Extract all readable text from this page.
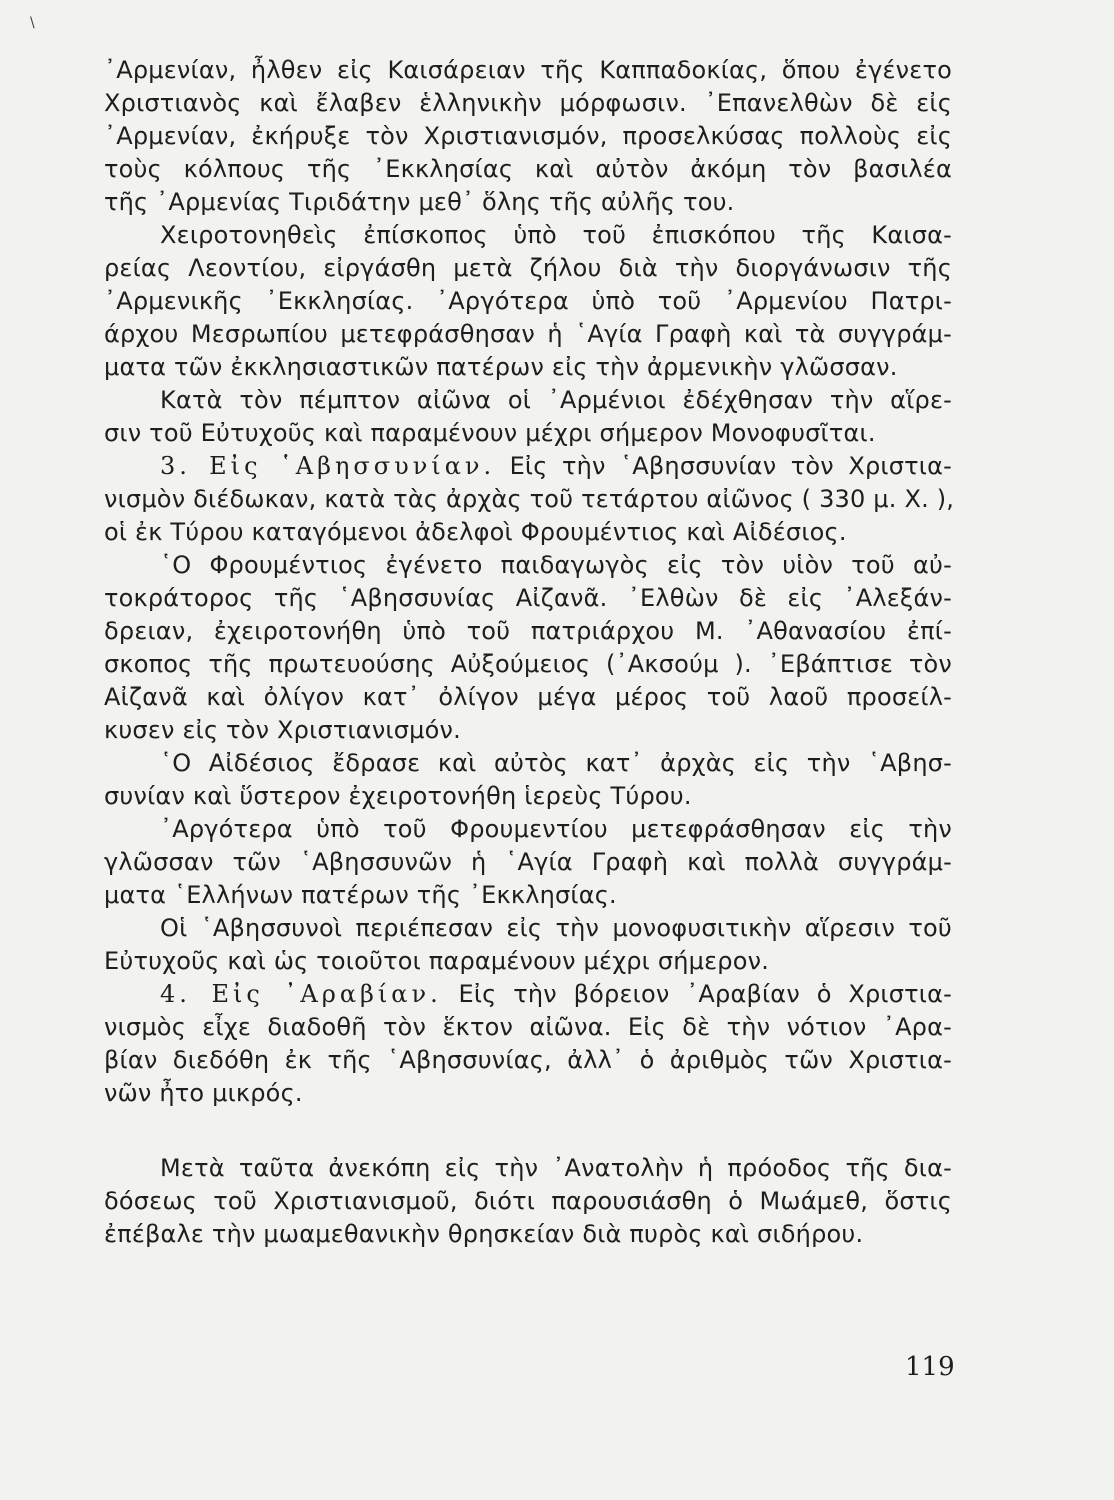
\

᾿Αρμενίαν, ἦλθεν εἰς Καισάρειαν τῆς Καππαδοκίας, ὅπου ἐγένετο
Χριστιανὸς καὶ ἔλαβεν ἑλληνικὴν μόρφωσιν. ᾿Επανελθὼν δὲ εἰς
᾿Αρμενίαν, ἐκήρυξε τὸν Χριστιανισμόν, προσελκύσας πολλοὺς εἰς
τοὺς κόλπους τῆς ᾿Εκκλησίας καὶ αὐτὸν ἀκόμη τὸν βασιλέα
τῆς ᾿Αρμενίας Τιριδάτην μεθ᾿ ὅλης τῆς αὐλῆς του.

Χειροτονηθεὶς ἐπίσκοπος ὑπὸ τοῦ ἐπισκόπου τῆς Καισα-
ρείας Λεοντίου, εἰργάσθη μετὰ ζήλου διὰ τὴν διοργάνωσιν τῆς
᾿Αρμενικῆς ᾿Εκκλησίας. ᾿Αργότερα ὑπὸ τοῦ ᾿Αρμενίου Πατρι-
άρχου Μεσρωπίου μετεφράσθησαν ἡ ῾Αγία Γραφὴ καὶ τὰ συγγράμ-
ματα τῶν ἐκκλησιαστικῶν πατέρων εἰς τὴν ἀρμενικὴν γλῶσσαν.

Κατὰ τὸν πέμπτον αἰῶνα οἱ ᾿Αρμένιοι ἐδέχθησαν τὴν αἵρε-
σιν τοῦ Εὐτυχοῦς καὶ παραμένουν μέχρι σήμερον Μονοφυσῖται.

3. Εἰς ῾Αβησσυνίαν. Εἰς τὴν ῾Αβησσυνίαν τὸν Χριστια-
νισμὸν διέδωκαν, κατὰ τὰς ἀρχὰς τοῦ τετάρτου αἰῶνος ( 330 μ. Χ. ),
οἱ ἐκ Τύρου καταγόμενοι ἀδελφοὶ Φρουμέντιος καὶ Αἰδέσιος.

῾Ο Φρουμέντιος ἐγένετο παιδαγωγὸς εἰς τὸν υἱὸν τοῦ αὐ-
τοκράτορος τῆς ῾Αβησσυνίας Αἰζανᾶ. ᾿Ελθὼν δὲ εἰς ᾿Αλεξάν-
δρειαν, ἐχειροτονήθη ὑπὸ τοῦ πατριάρχου Μ. ᾿Αθανασίου ἐπί-
σκοπος τῆς πρωτευούσης Αὐξούμειος (᾿Ακσούμ ). ᾿Εβάπτισε τὸν
Αἰζανᾶ καὶ ὀλίγον κατ᾿ ὀλίγον μέγα μέρος τοῦ λαοῦ προσείλ-
κυσεν εἰς τὸν Χριστιανισμόν.

῾Ο Αἰδέσιος ἔδρασε καὶ αὐτὸς κατ᾿ ἀρχὰς εἰς τὴν ῾Αβησ-
συνίαν καὶ ὕστερον ἐχειροτονήθη ἱερεὺς Τύρου.

᾿Αργότερα ὑπὸ τοῦ Φρουμεντίου μετεφράσθησαν εἰς τὴν
γλῶσσαν τῶν ῾Αβησσυνῶν ἡ ῾Αγία Γραφὴ καὶ πολλὰ συγγράμ-
ματα ῾Ελλήνων πατέρων τῆς ᾿Εκκλησίας.

Οἱ ῾Αβησσυνοὶ περιέπεσαν εἰς τὴν μονοφυσιτικὴν αἵρεσιν τοῦ
Εὐτυχοῦς καὶ ὡς τοιοῦτοι παραμένουν μέχρι σήμερον.

4. Εἰς ᾿Αραβίαν. Εἰς τὴν βόρειον ᾿Αραβίαν ὁ Χριστια-
νισμὸς εἶχε διαδοθῆ τὸν ἕκτον αἰῶνα. Εἰς δὲ τὴν νότιον ᾿Αρα-
βίαν διεδόθη ἐκ τῆς ῾Αβησσυνίας, ἀλλ᾿ ὁ ἀριθμὸς τῶν Χριστια-
νῶν ἦτο μικρός.

Μετὰ ταῦτα ἀνεκόπη εἰς τὴν ᾿Ανατολὴν ἡ πρόοδος τῆς δια-
δόσεως τοῦ Χριστιανισμοῦ, διότι παρουσιάσθη ὁ Μωάμεθ, ὅστις
ἐπέβαλε τὴν μωαμεθανικὴν θρησκείαν διὰ πυρὸς καὶ σιδήρου.

119
